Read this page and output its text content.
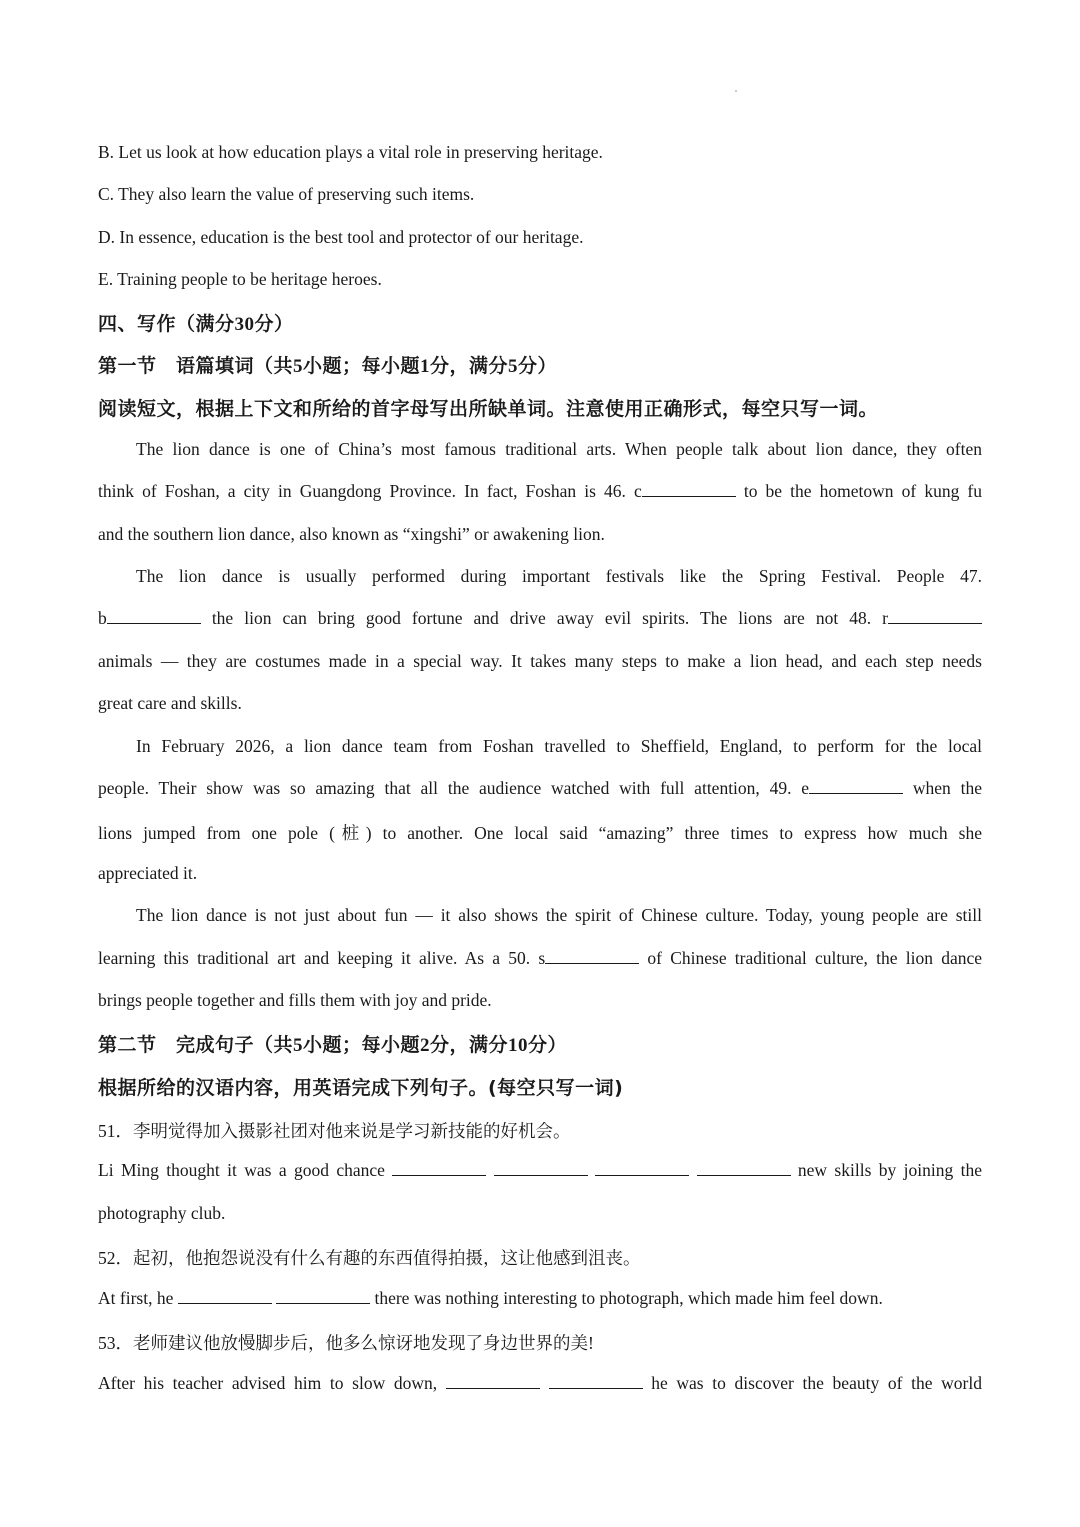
B. Let us look at how education plays a vital role in preserving heritage.
C. They also learn the value of preserving such items.
D. In essence, education is the best tool and protector of our heritage.
E. Training people to be heritage heroes.
四、写作（满分30分）
第一节　语篇填词（共5小题；每小题1分，满分5分）
阅读短文，根据上下文和所给的首字母写出所缺单词。注意使用正确形式，每空只写一词。
The lion dance is one of China’s most famous traditional arts. When people talk about lion dance, they often
think of Foshan, a city in Guangdong Province. In fact, Foshan is 46. c	to be the hometown of kung fu
and the southern lion dance, also known as “xingshi” or awakening lion.
The lion dance is usually performed during important festivals like the Spring Festival. People 47.
b	the lion can bring good fortune and drive away evil spirits. The lions are not 48. r
animals — they are costumes made in a special way. It takes many steps to make a lion head, and each step needs
great care and skills.
In February 2026, a lion dance team from Foshan travelled to Sheffield, England, to perform for the local
people. Their show was so amazing that all the audience watched with full attention, 49. e	when the
lions jumped from one pole (桩) to another. One local said “amazing” three times to express how much she
appreciated it.
The lion dance is not just about fun — it also shows the spirit of Chinese culture. Today, young people are still
learning this traditional art and keeping it alive. As a 50. s	of Chinese traditional culture, the lion dance
brings people together and fills them with joy and pride.
第二节　完成句子（共5小题；每小题2分，满分10分）
根据所给的汉语内容，用英语完成下列句子。(每空只写一词)
51．李明觉得加入摄影社团对他来说是学习新技能的好机会。
Li Ming thought it was a good chance	new skills by joining the
photography club.
52．起初，他抱怨说没有什么有趣的东西值得拍摄，这让他感到沮丧。
At first, he	there was nothing interesting to photograph, which made him feel down.
53．老师建议他放慢脚步后，他多么惊讶地发现了身边世界的美!
After his teacher advised him to slow down,	he was to discover the beauty of the world
